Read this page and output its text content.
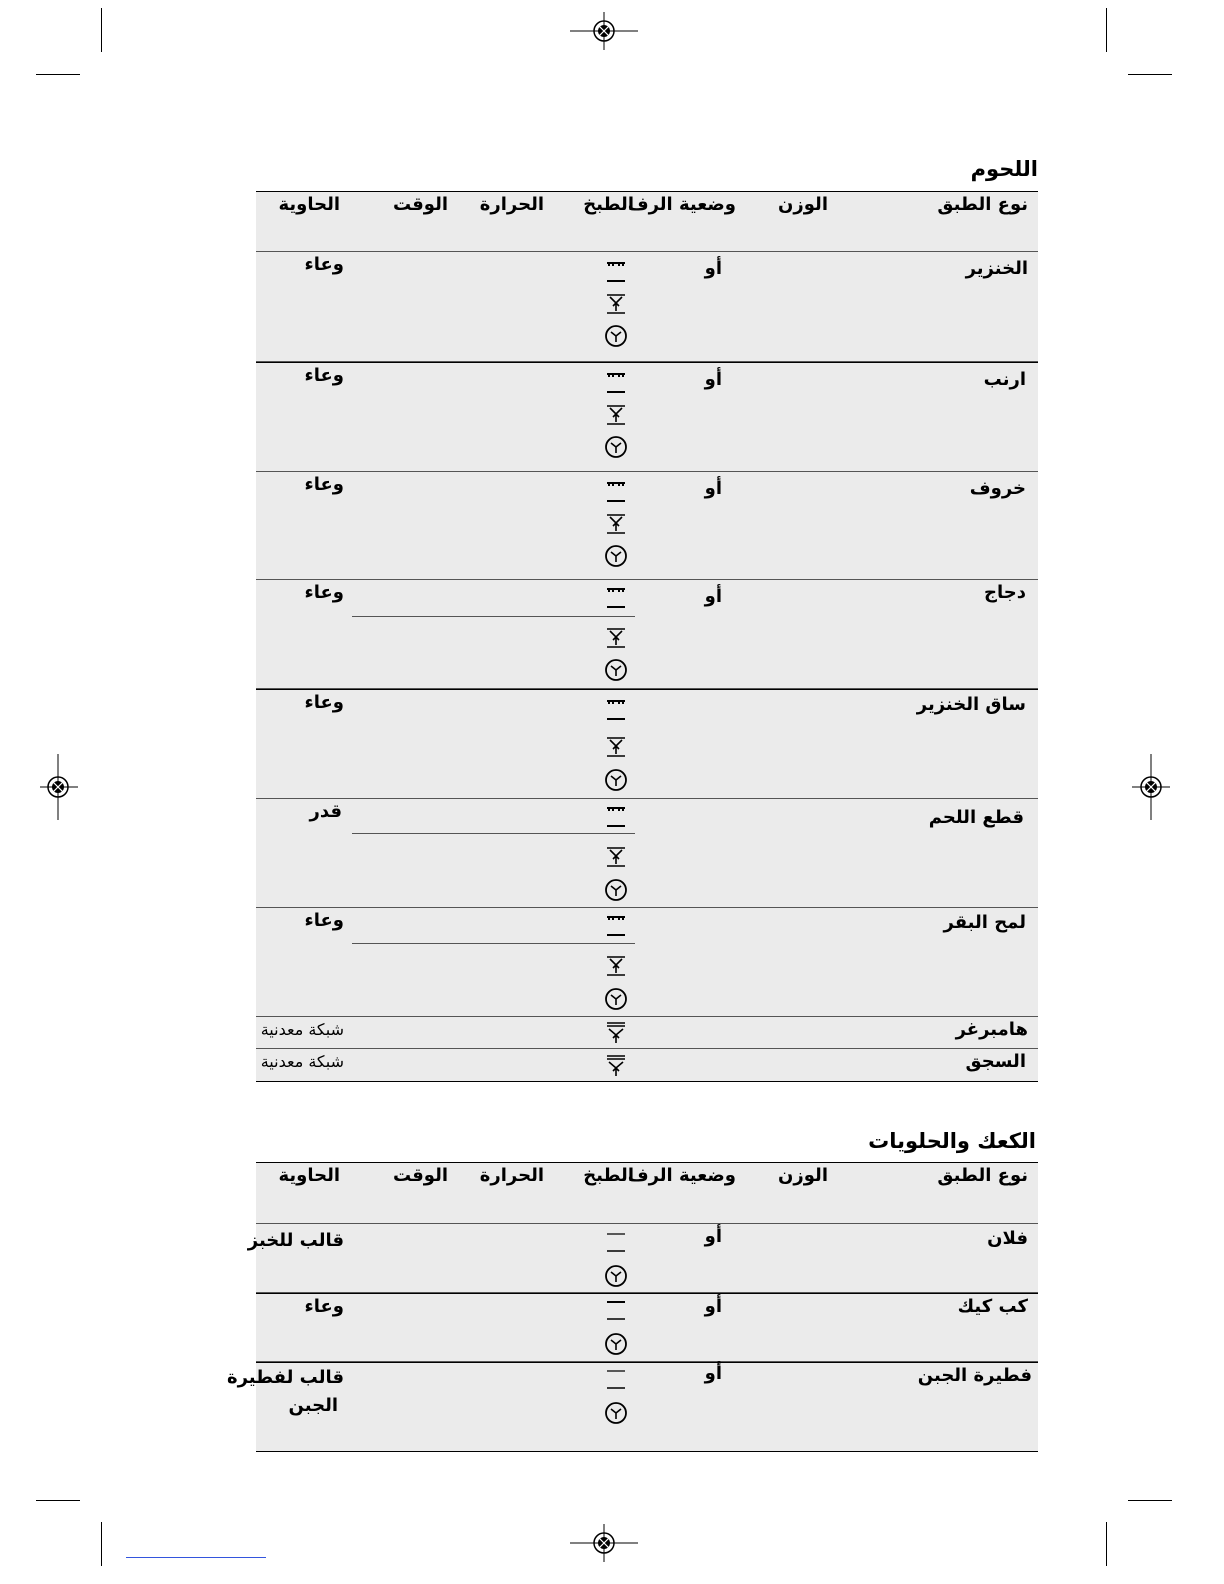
اللحوم
نوع الطبق
الوزن
وضعية الرف
الطبخ
الحرارة
الوقت
الحاوية
الخنزير
أو
وعاء
ارنب
أو
وعاء
خروف
أو
وعاء
دجاج
أو
وعاء
ساق الخنزير
وعاء
قطع اللحم
قدر
لمح البقر
وعاء
هامبرغر
شبكة معدنية
السجق
شبكة معدنية
الكعك والحلويات
نوع الطبق
الوزن
وضعية الرف
الطبخ
الحرارة
الوقت
الحاوية
فلان
أو
قالب للخبز
كب كيك
أو
وعاء
فطيرة الجبن
أو
قالب لفطيرة
الجبن
